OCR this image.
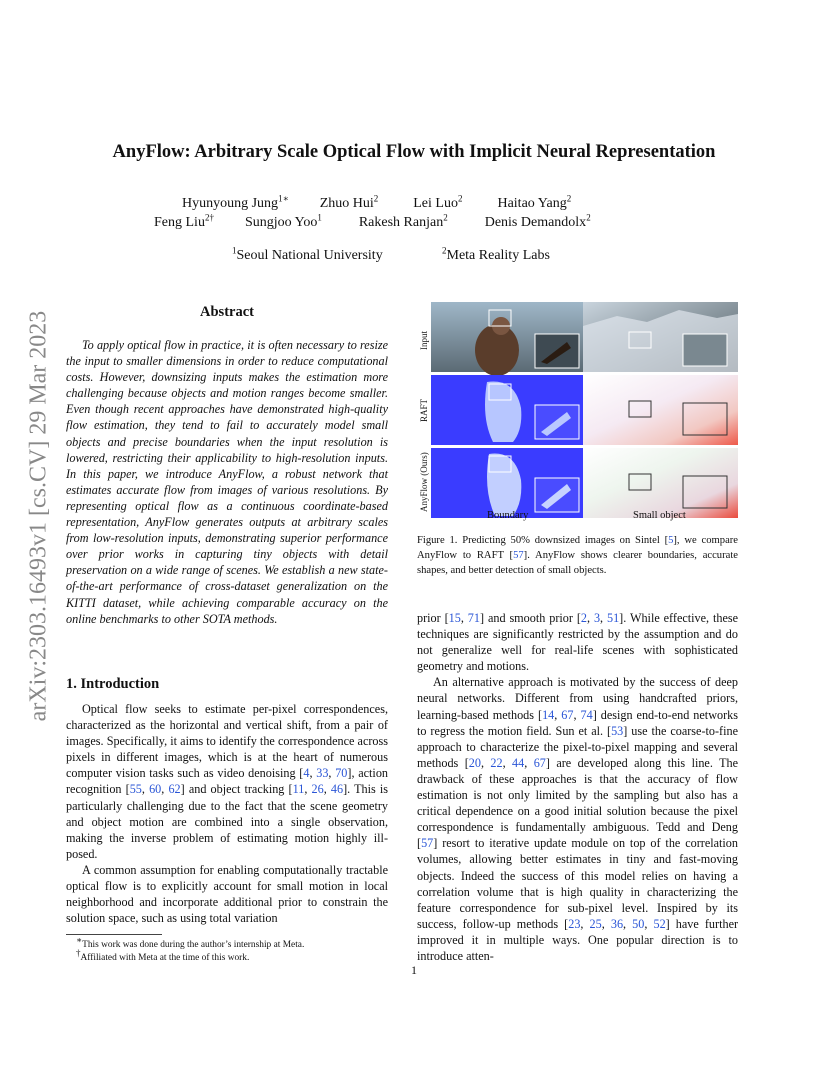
AnyFlow: Arbitrary Scale Optical Flow with Implicit Neural Representation
Hyunyoung Jung$^{1∗}$ Zhuo Hui$^2$	Lei Luo$^2$	Haitao Yang$^2$
Feng Liu$^{2\dagger}$ Sungjoo Yoo$^1$	Rakesh Ranjan$^2$	Denis Demandolx$^2$
$^1$Seoul National University	$^2$Meta Reality Labs
arXiv:2303.16493v1 [cs.CV] 29 Mar 2023	Abstract

To apply optical flow in practice, it is often necessary to resize the input to smaller dimensions in order to reduce computational costs. However, downsizing inputs makes the estimation more challenging because objects and motion ranges become smaller. Even though recent approaches have demonstrated high-quality flow estimation, they tend to fail to accurately model small objects and precise boundaries when the input resolution is lowered, restricting their applicability to high-resolution inputs. In this paper, we introduce AnyFlow, a robust network that estimates accurate flow from images of various resolutions. By representing optical flow as a continuous coordinate-based representation, AnyFlow generates outputs at arbitrary scales from low-resolution inputs, demonstrating superior performance over prior works in capturing tiny objects with detail preservation on a wide range of scenes. We establish a new state-of-the-art performance of cross-dataset generalization on the KITTI dataset, while achieving comparable accuracy on the online benchmarks to other SOTA methods.

1. Introduction

Optical flow seeks to estimate per-pixel correspondences, characterized as the horizontal and vertical shift, from a pair of images. Specifically, it aims to identify the correspondence across pixels in different images, which is at the heart of numerous computer vision tasks such as video denoising [4, 33, 70], action recognition [55, 60, 62] and object tracking [11, 26, 46]. This is particularly challenging due to the fact that the scene geometry and object motion are combined into a single observation, making the inverse problem of estimating motion highly ill-posed.

A common assumption for enabling computationally tractable optical flow is to explicitly account for small motion in local neighborhood and incorporate additional prior to constrain the solution space, such as using total variation

Input
RAFT
AnyFlow (Ours)
Boundary	Small object
Figure 1. Predicting 50% downsized images on Sintel [5], we compare AnyFlow to RAFT [57]. AnyFlow shows clearer boundaries, accurate shapes, and better detection of small objects.

prior [15, 71] and smooth prior [2, 3, 51]. While effective, these techniques are significantly restricted by the assumption and do not generalize well for real-life scenes with sophisticated geometry and motions.

An alternative approach is motivated by the success of deep neural networks. Different from using handcrafted priors, learning-based methods [14, 67, 74] design end-to-end networks to regress the motion field. Sun et al. [53] use the coarse-to-fine approach to characterize the pixel-to-pixel mapping and several methods [20, 22, 44, 67] are developed along this line. The drawback of these approaches is that the accuracy of flow estimation is not only limited by the sampling but also has a critical dependence on a good initial solution because the pixel correspondence is fundamentally ambiguous. Tedd and Deng [57] resort to iterative update module on top of the correlation volumes, allowing better estimates in tiny and fast-moving objects. Indeed the success of this model relies on having a correlation volume that is high quality in characterizing the feature correspondence for sub-pixel level. Inspired by its success, follow-up methods [23, 25, 36, 50, 52] have further improved it in multiple ways. One popular direction is to introduce atten-

∗This work was done during the author’s internship at Meta.
†Affiliated with Meta at the time of this work.
1
